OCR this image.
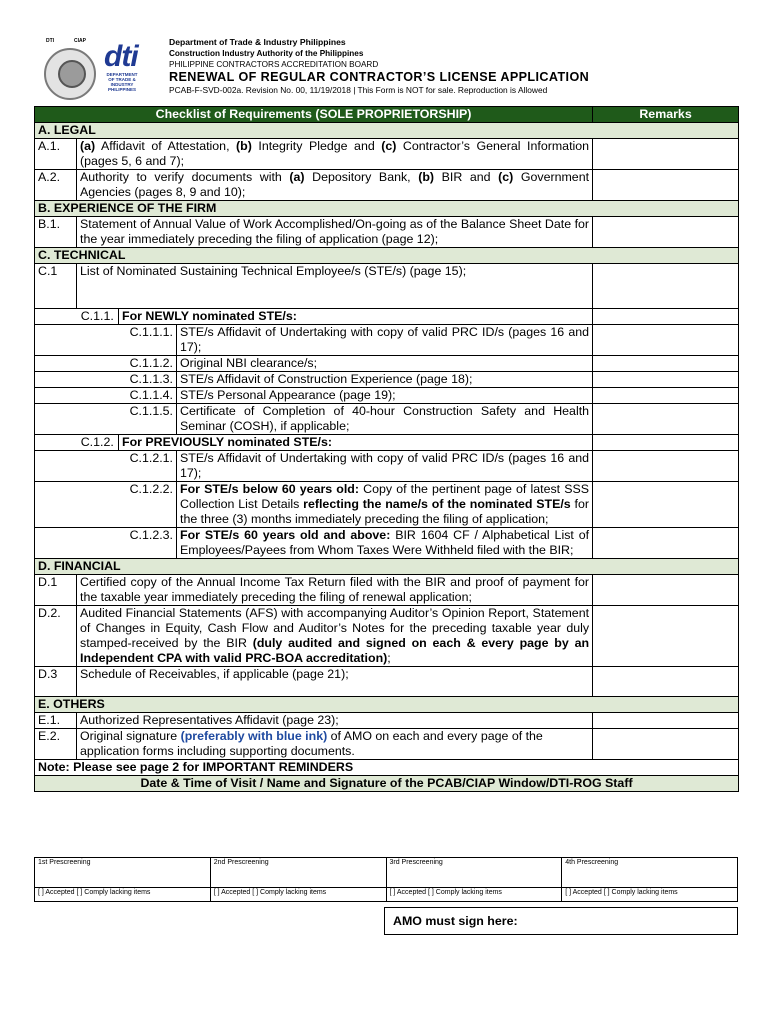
DTI	CIAP dti
DEPARTMENT OF TRADE & INDUSTRY PHILIPPINES
Department of Trade & Industry Philippines
Construction Industry Authority of the Philippines
PHILIPPINE CONTRACTORS ACCREDITATION BOARD
RENEWAL OF REGULAR CONTRACTOR’S LICENSE APPLICATION
PCAB-F-SVD-002a. Revision No. 00, 11/19/2018 | This Form is NOT for sale. Reproduction is Allowed
Checklist of Requirements (SOLE PROPRIETORSHIP)				Remarks
A. LEGAL				
A.1.	(a) Affidavit of Attestation, (b) Integrity Pledge and (c) Contractor’s General Information (pages 5, 6 and 7);			
A.2.	Authority to verify documents with (a) Depository Bank, (b) BIR and (c) Government Agencies (pages 8, 9 and 10);			
B. EXPERIENCE OF THE FIRM				
B.1.	Statement of Annual Value of Work Accomplished/On-going as of the Balance Sheet Date for the year immediately preceding the filing of application (page 12);			
C. TECHNICAL				
C.1	List of Nominated Sustaining Technical Employee/s (STE/s) (page 15);			
	C.1.1.	For NEWLY nominated STE/s:		
C.1.1.1.			STE/s Affidavit of Undertaking with copy of valid PRC ID/s (pages 16 and 17);	
C.1.1.2.			Original NBI clearance/s;	
C.1.1.3.			STE/s Affidavit of Construction Experience (page 18);	
C.1.1.4.			STE/s Personal Appearance (page 19);	
C.1.1.5.			Certificate of Completion of 40-hour Construction Safety and Health Seminar (COSH), if applicable;	
	C.1.2.	For PREVIOUSLY nominated STE/s:		
C.1.2.1.			STE/s Affidavit of Undertaking with copy of valid PRC ID/s (pages 16 and 17);	
C.1.2.2.			For STE/s below 60 years old: Copy of the pertinent page of latest SSS Collection List Details reflecting the name/s of the nominated STE/s for the three (3) months immediately preceding the filing of application;	
C.1.2.3.			For STE/s 60 years old and above: BIR 1604 CF / Alphabetical List of Employees/Payees from Whom Taxes Were Withheld filed with the BIR;	
D. FINANCIAL				
D.1	Certified copy of the Annual Income Tax Return filed with the BIR and proof of payment for the taxable year immediately preceding the filing of renewal application;			
D.2.	Audited Financial Statements (AFS) with accompanying Auditor’s Opinion Report, Statement of Changes in Equity, Cash Flow and Auditor’s Notes for the preceding taxable year duly stamped-received by the BIR (duly audited and signed on each & every page by an Independent CPA with valid PRC-BOA accreditation);			
D.3	Schedule of Receivables, if applicable (page 21);			
E. OTHERS				
E.1.	Authorized Representatives Affidavit (page 23);			
E.2.	Original signature (preferably with blue ink) of AMO on each and every page of the application forms including supporting documents.			
Note: Please see page 2 for IMPORTANT REMINDERS				
Date & Time of Visit / Name and Signature of the PCAB/CIAP Window/DTI-ROG Staff				
1st Prescreening	2nd Prescreening	3rd Prescreening	4th Prescreening
[ ] Accepted [ ] Comply lacking items	[ ] Accepted [ ] Comply lacking items	[ ] Accepted [ ] Comply lacking items	[ ] Accepted [ ] Comply lacking items
AMO must sign here:
